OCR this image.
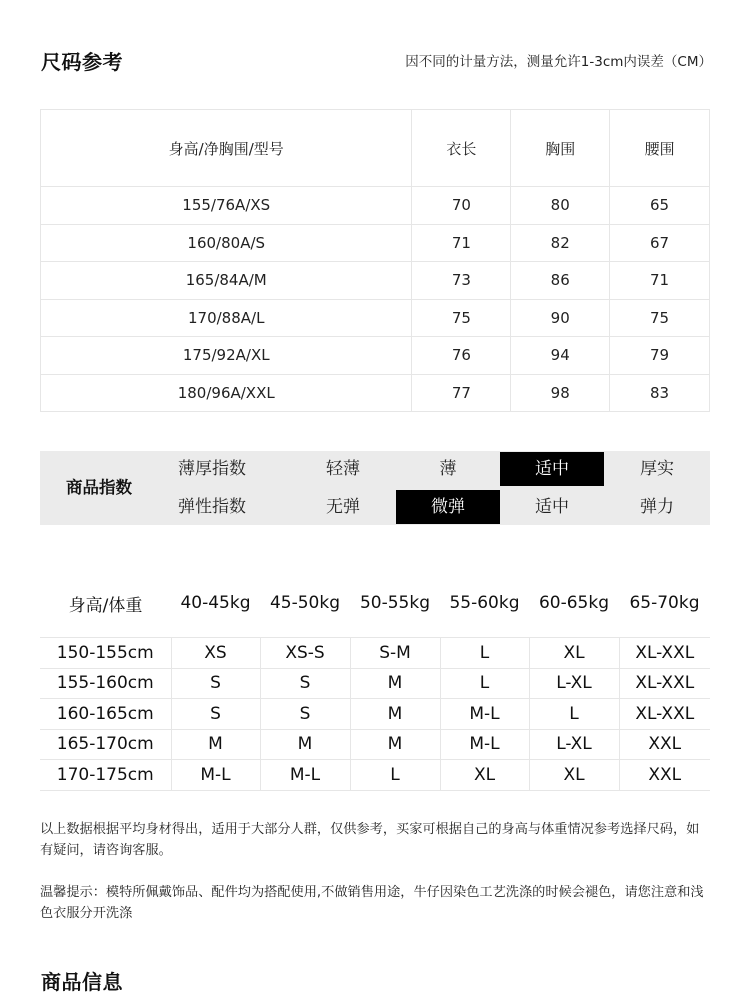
尺码参考	因不同的计量方法，测量允许1-3cm内误差（CM）
身高/净胸围/型号	衣长	胸围	腰围
155/76A/XS	70	80	65
160/80A/S	71	82	67
165/84A/M	73	86	71
170/88A/L	75	90	75
175/92A/XL	76	94	79
180/96A/XXL	77	98	83
商品指数
薄厚指数	轻薄	薄	适中	厚实
弹性指数	无弹	微弹	适中	弹力
身高/体重	40-45kg	45-50kg	50-55kg	55-60kg	60-65kg	65-70kg
150-155cm	XS	XS-S	S-M	L	XL	XL-XXL
155-160cm	S	S	M	L	L-XL	XL-XXL
160-165cm	S	S	M	M-L	L	XL-XXL
165-170cm	M	M	M	M-L	L-XL	XXL
170-175cm	M-L	M-L	L	XL	XL	XXL
以上数据根据平均身材得出，适用于大部分人群，仅供参考，买家可根据自己的身高与体重情况参考选择尺码，如有疑问，请咨询客服。
温馨提示：模特所佩戴饰品、配件均为搭配使用,不做销售用途，牛仔因染色工艺洗涤的时候会褪色，请您注意和浅色衣服分开洗涤
商品信息
